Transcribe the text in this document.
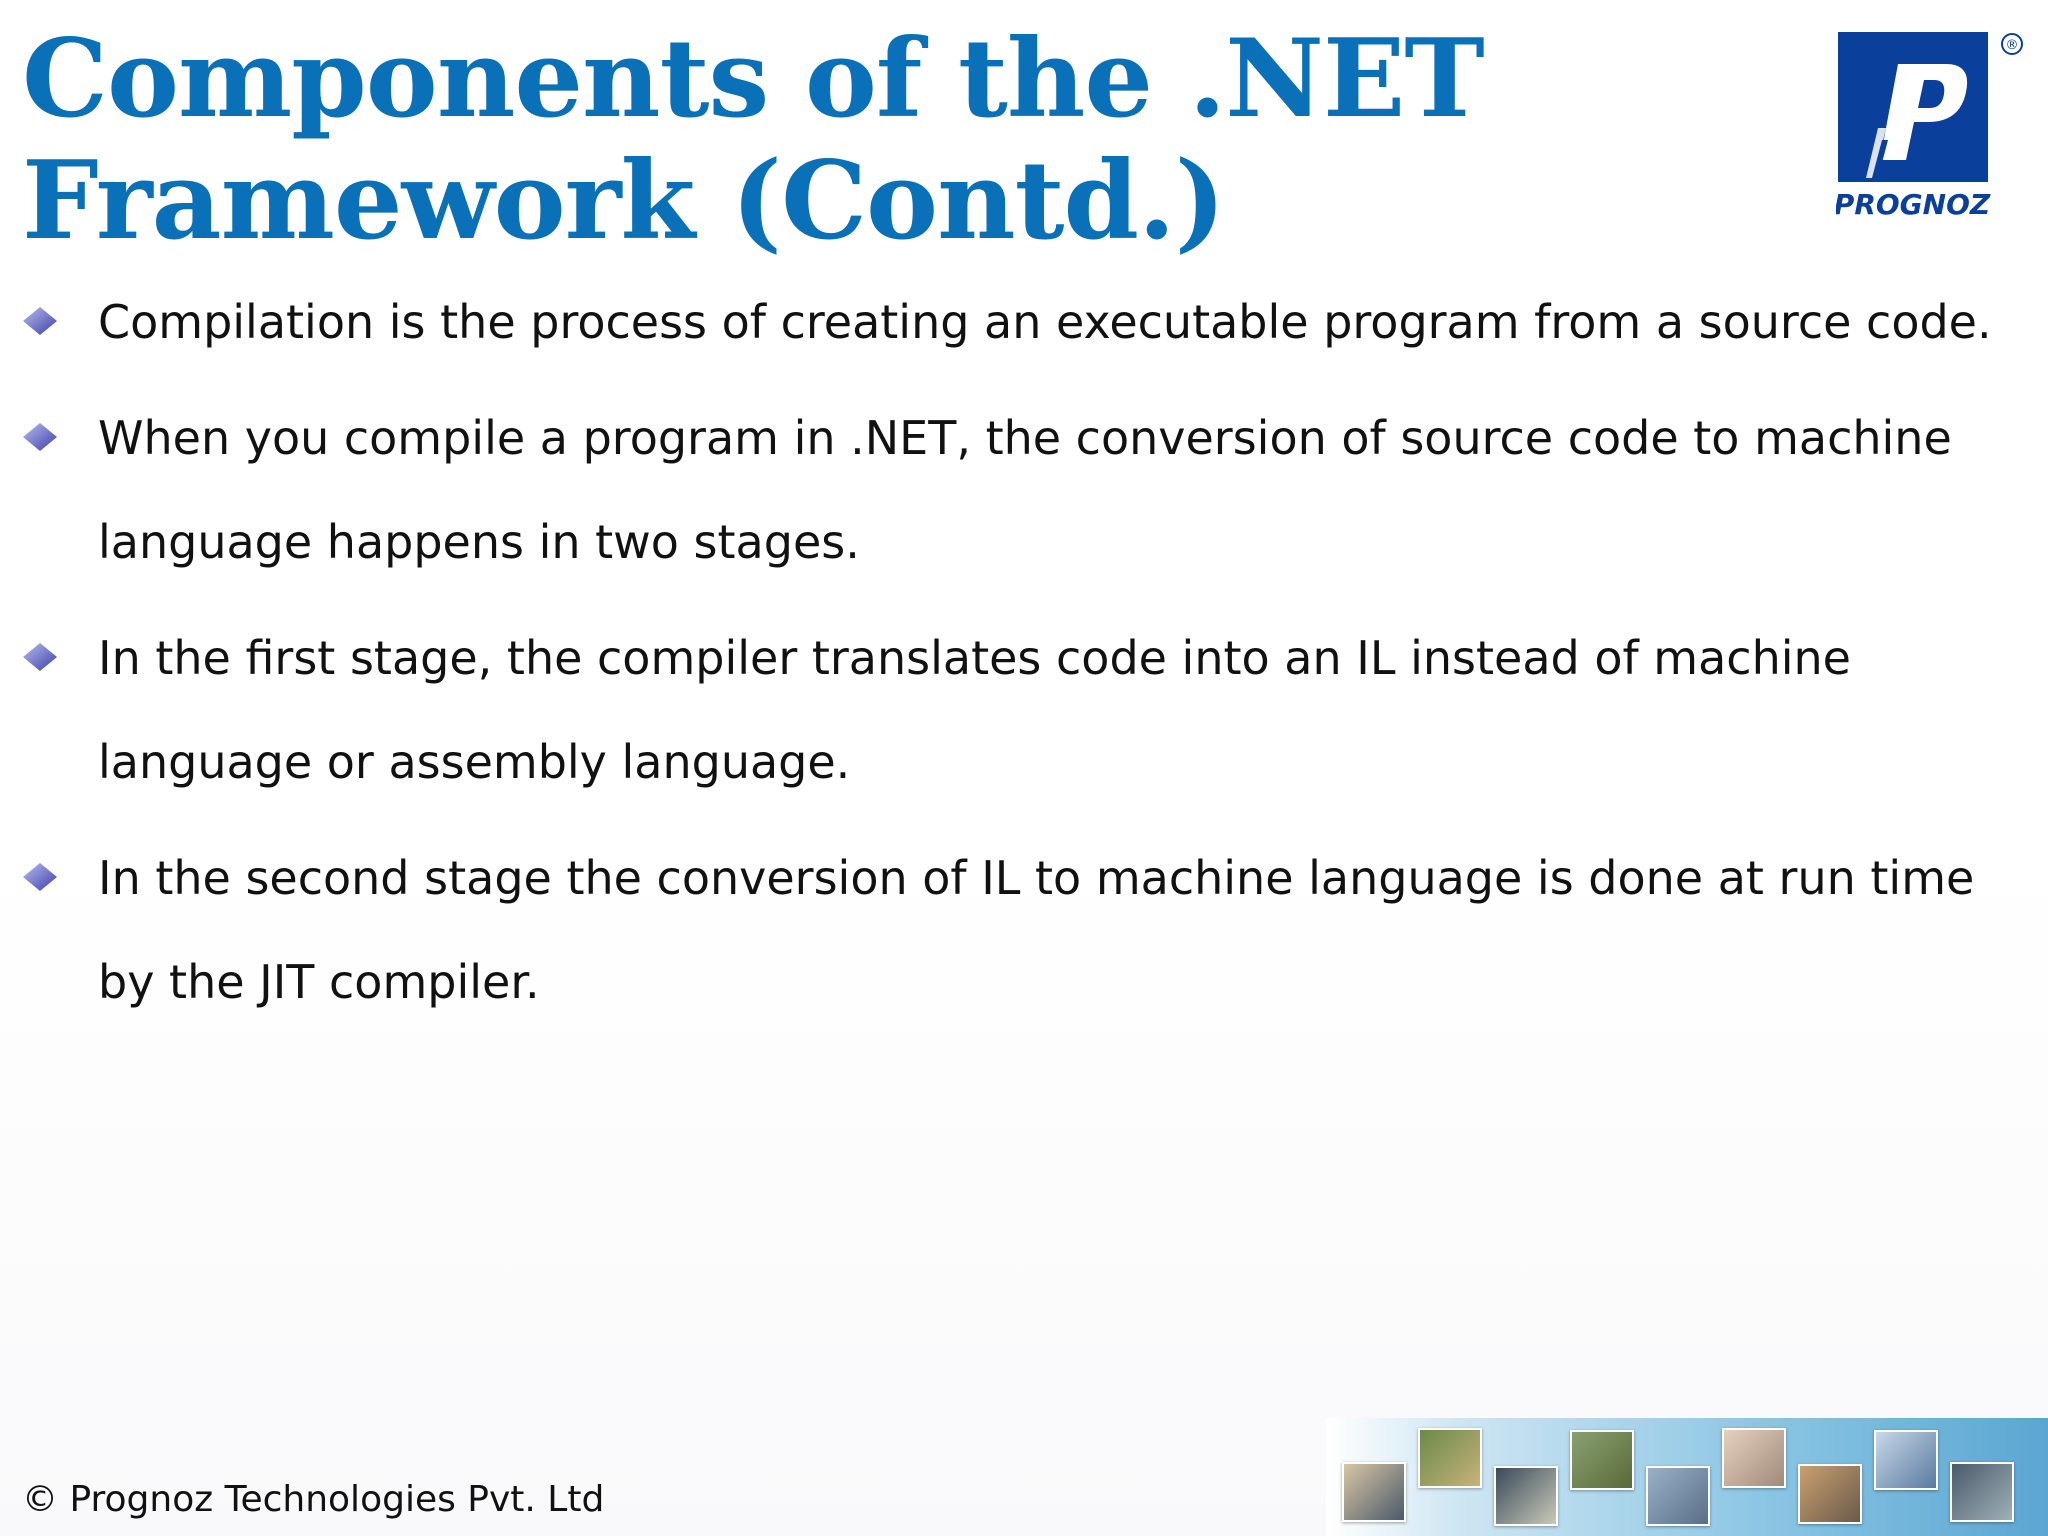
Components of the .NET Framework (Contd.)
®
PROGNOZ
Compilation is the process of creating an executable program from a source code.
When you compile a program in .NET, the conversion of source code to machine language happens in two stages.
In the first stage, the compiler translates code into an IL instead of machine language or assembly language.
In the second stage the conversion of IL to machine language is done at run time by the JIT compiler.
© Prognoz Technologies Pvt. Ltd
